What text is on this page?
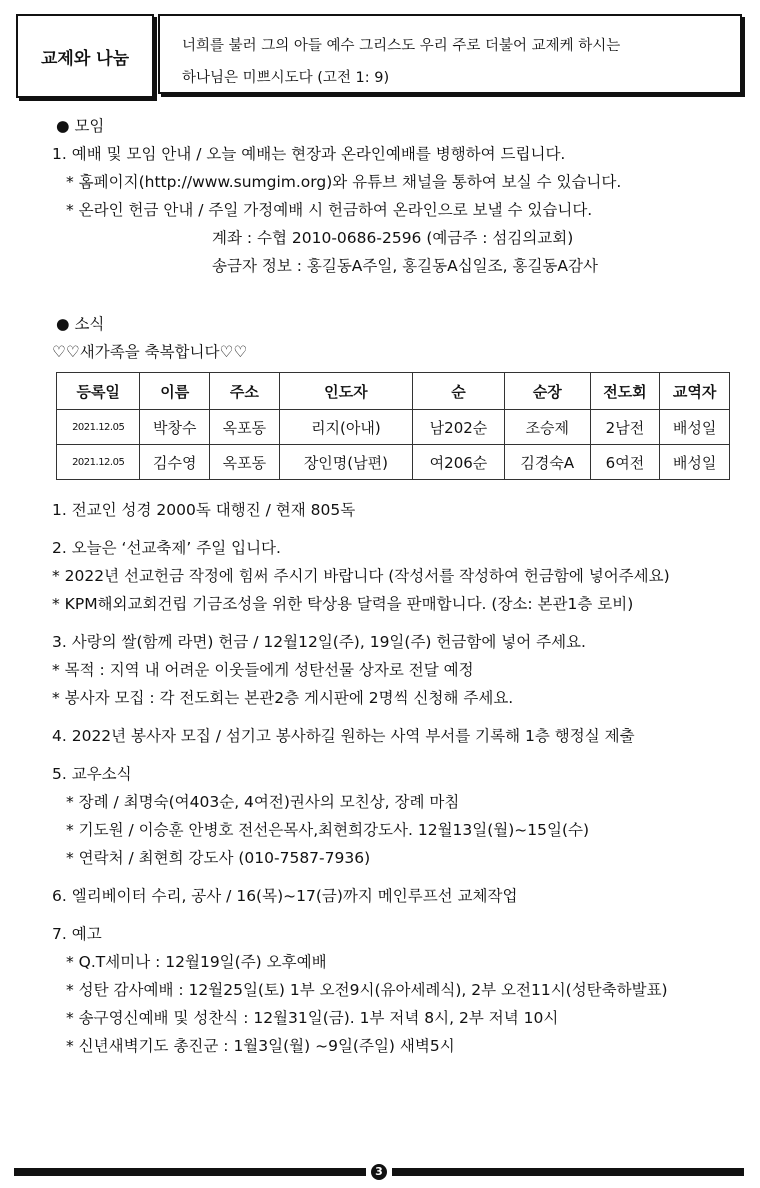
교제와 나눔
너희를 불러 그의 아들 예수 그리스도 우리 주로 더불어 교제케 하시는
하나님은 미쁘시도다 (고전 1: 9)
● 모임
1. 예배 및 모임 안내 / 오늘 예배는 현장과 온라인예배를 병행하여 드립니다.
* 홈페이지(http://www.sumgim.org)와 유튜브 채널을 통하여 보실 수 있습니다.
* 온라인 헌금 안내 / 주일 가정예배 시 헌금하여 온라인으로 보낼 수 있습니다.
계좌 : 수협 2010-0686-2596 (예금주 : 섬김의교회)
송금자 정보 : 홍길동A주일, 홍길동A십일조, 홍길동A감사
● 소식
♡♡새가족을 축복합니다♡♡
등록일	이름	주소	인도자	순	순장	전도회	교역자
2021.12.05	박창수	옥포동	리지(아내)	남202순	조승제	2남전	배성일
2021.12.05	김수영	옥포동	장인명(남편)	여206순	김경숙A	6여전	배성일
1. 전교인 성경 2000독 대행진 / 현재 805독
2. 오늘은 ‘선교축제’ 주일 입니다.
* 2022년 선교헌금 작정에 힘써 주시기 바랍니다 (작성서를 작성하여 헌금함에 넣어주세요)
* KPM해외교회건립 기금조성을 위한 탁상용 달력을 판매합니다. (장소: 본관1층 로비)
3. 사랑의 쌀(함께 라면) 헌금 / 12월12일(주), 19일(주) 헌금함에 넣어 주세요.
* 목적 : 지역 내 어려운 이웃들에게 성탄선물 상자로 전달 예정
* 봉사자 모집 : 각 전도회는 본관2층 게시판에 2명씩 신청해 주세요.
4. 2022년 봉사자 모집 / 섬기고 봉사하길 원하는 사역 부서를 기록해 1층 행정실 제출
5. 교우소식
* 장례 / 최명숙(여403순, 4여전)권사의 모친상, 장례 마침
* 기도원 / 이승훈 안병호 전선은목사,최현희강도사. 12월13일(월)~15일(수)
* 연락처 / 최현희 강도사 (010-7587-7936)
6. 엘리베이터 수리, 공사 / 16(목)~17(금)까지 메인루프선 교체작업
7. 예고
* Q.T세미나 : 12월19일(주) 오후예배
* 성탄 감사예배 : 12월25일(토) 1부 오전9시(유아세례식), 2부 오전11시(성탄축하발표)
* 송구영신예배 및 성찬식 : 12월31일(금). 1부 저녁 8시, 2부 저녁 10시
* 신년새벽기도 총진군 : 1월3일(월) ~9일(주일) 새벽5시
3
